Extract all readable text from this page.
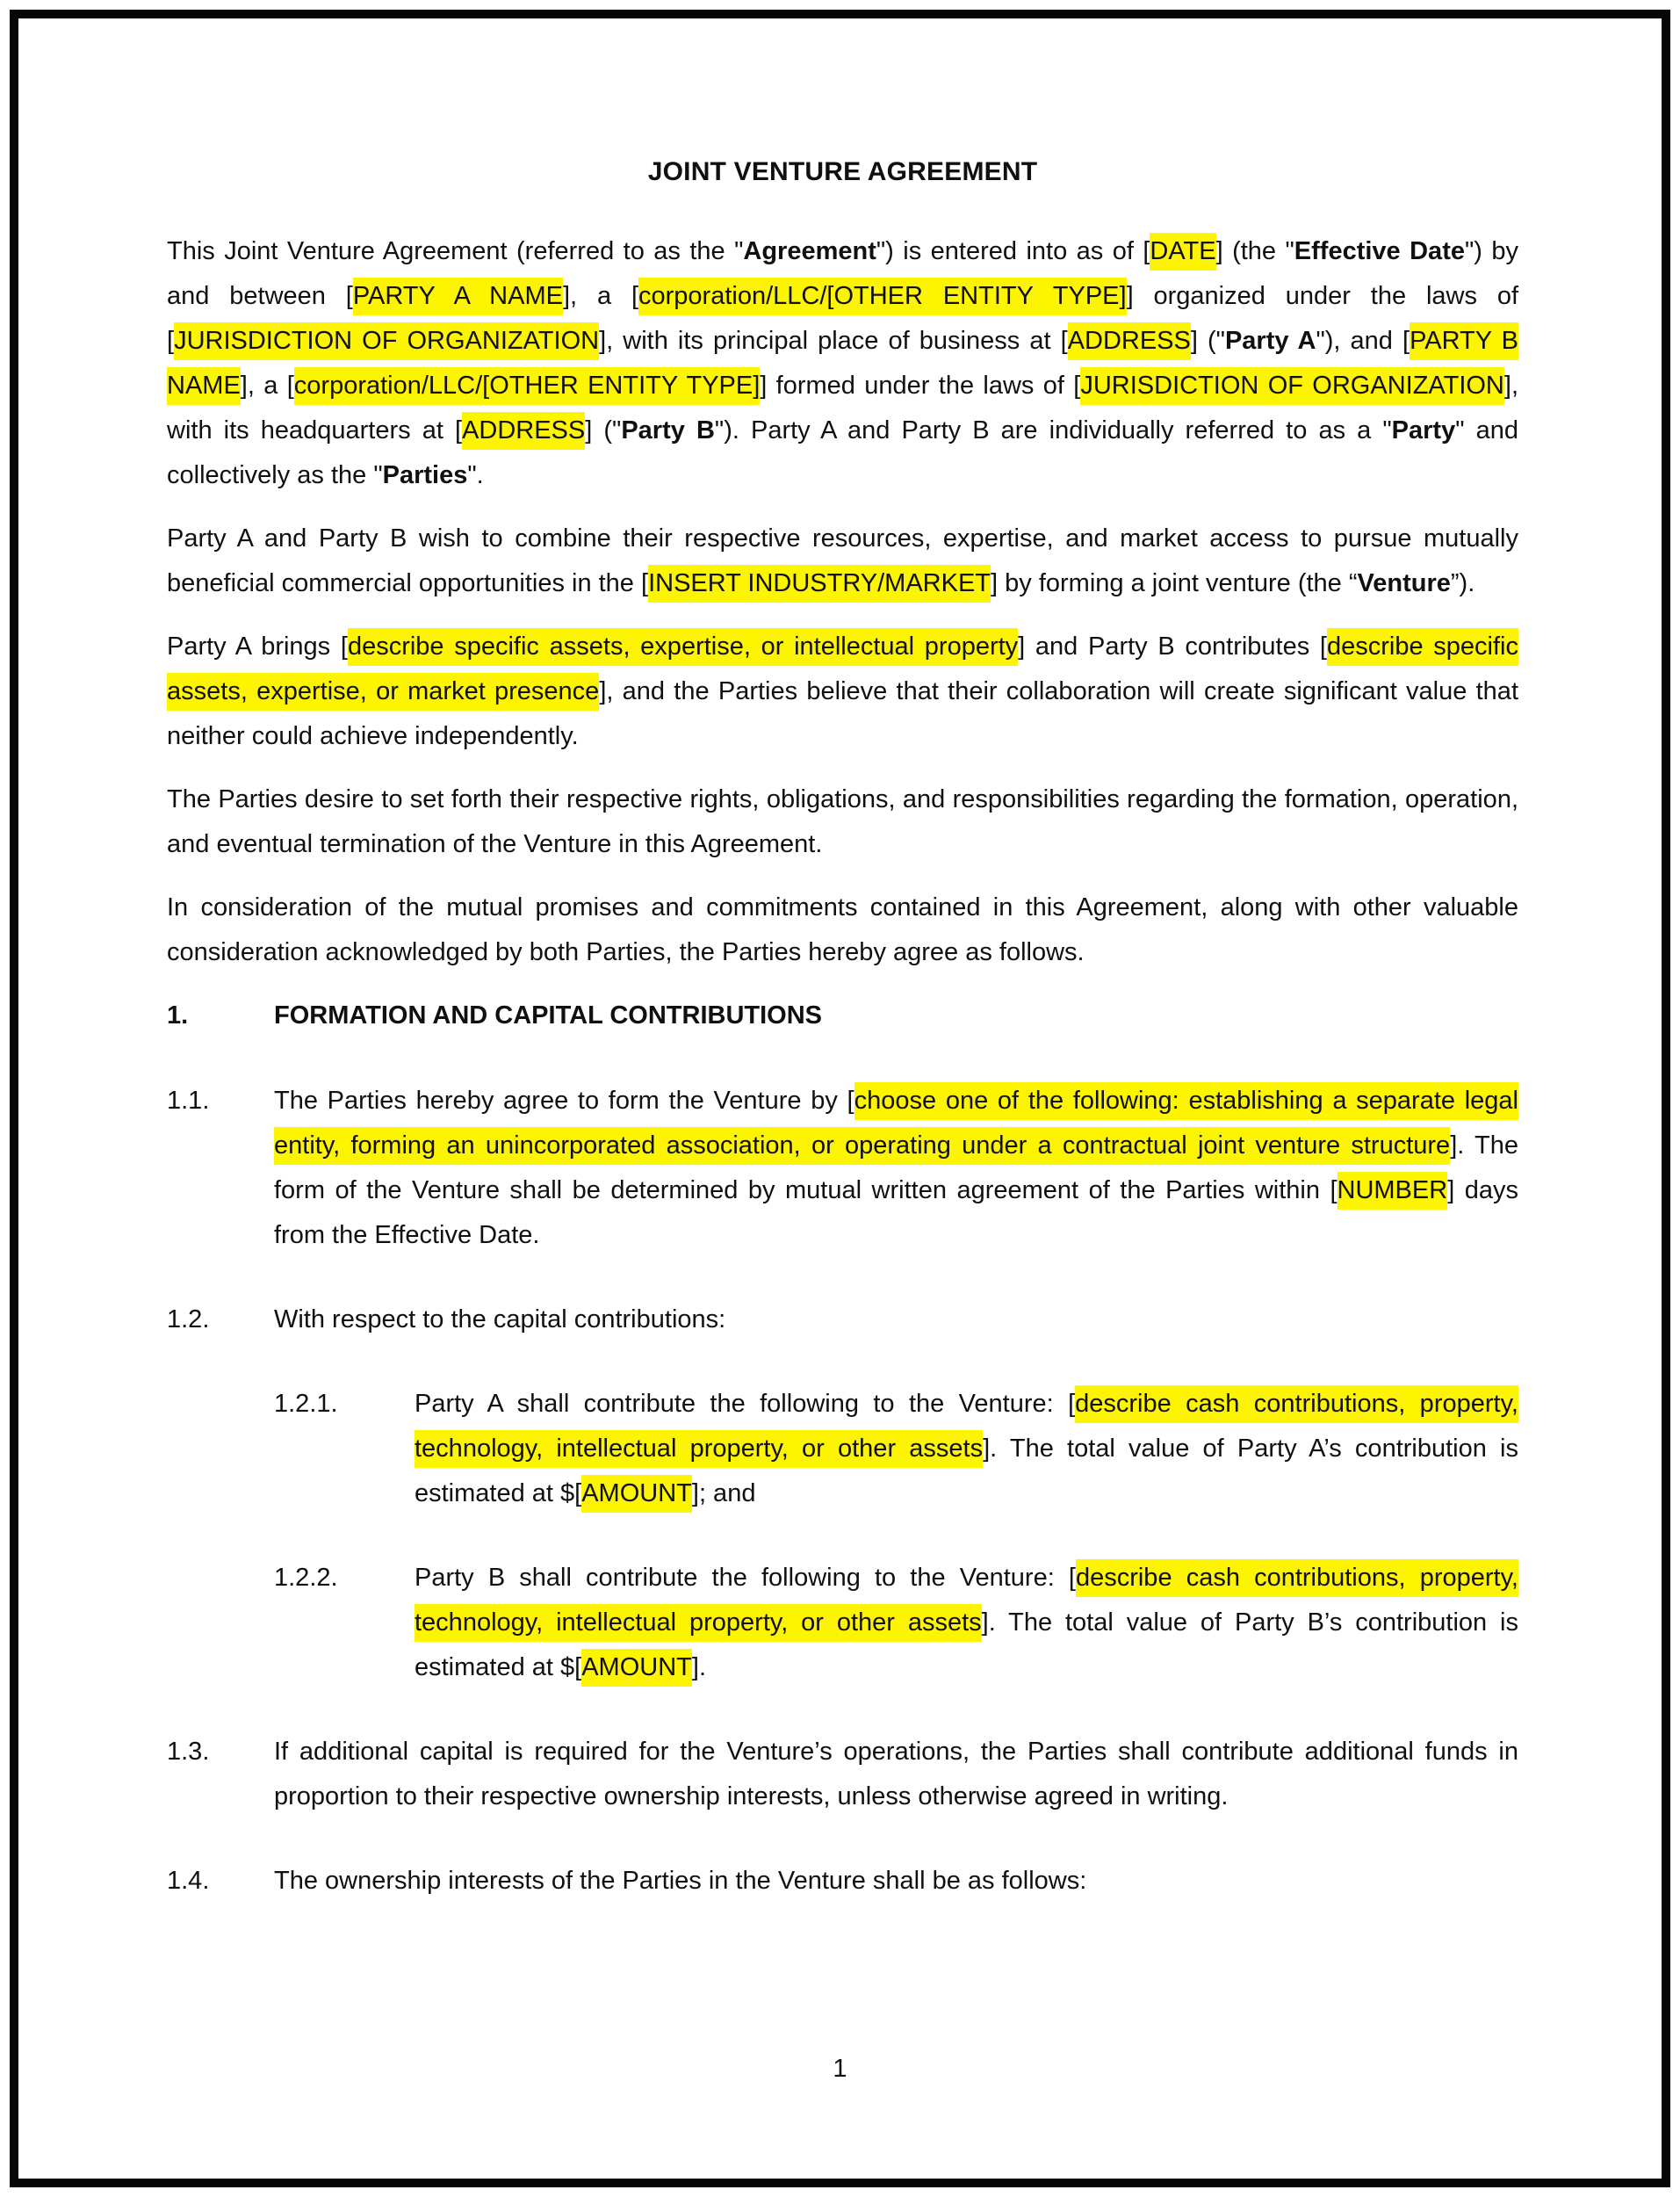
JOINT VENTURE AGREEMENT
This Joint Venture Agreement (referred to as the "Agreement") is entered into as of [DATE] (the "Effective Date") by and between [PARTY A NAME], a [corporation/LLC/[OTHER ENTITY TYPE]] organized under the laws of [JURISDICTION OF ORGANIZATION], with its principal place of business at [ADDRESS] ("Party A"), and [PARTY B NAME], a [corporation/LLC/[OTHER ENTITY TYPE]] formed under the laws of [JURISDICTION OF ORGANIZATION], with its headquarters at [ADDRESS] ("Party B"). Party A and Party B are individually referred to as a "Party" and collectively as the "Parties".
Party A and Party B wish to combine their respective resources, expertise, and market access to pursue mutually beneficial commercial opportunities in the [INSERT INDUSTRY/MARKET] by forming a joint venture (the “Venture”).
Party A brings [describe specific assets, expertise, or intellectual property] and Party B contributes [describe specific assets, expertise, or market presence], and the Parties believe that their collaboration will create significant value that neither could achieve independently.
The Parties desire to set forth their respective rights, obligations, and responsibilities regarding the formation, operation, and eventual termination of the Venture in this Agreement.
In consideration of the mutual promises and commitments contained in this Agreement, along with other valuable consideration acknowledged by both Parties, the Parties hereby agree as follows.
1.	FORMATION AND CAPITAL CONTRIBUTIONS
1.1.	The Parties hereby agree to form the Venture by [choose one of the following: establishing a separate legal entity, forming an unincorporated association, or operating under a contractual joint venture structure]. The form of the Venture shall be determined by mutual written agreement of the Parties within [NUMBER] days from the Effective Date.
1.2.	With respect to the capital contributions:
1.2.1.	Party A shall contribute the following to the Venture: [describe cash contributions, property, technology, intellectual property, or other assets]. The total value of Party A’s contribution is estimated at $[AMOUNT]; and
1.2.2.	Party B shall contribute the following to the Venture: [describe cash contributions, property, technology, intellectual property, or other assets]. The total value of Party B’s contribution is estimated at $[AMOUNT].
1.3.	If additional capital is required for the Venture’s operations, the Parties shall contribute additional funds in proportion to their respective ownership interests, unless otherwise agreed in writing.
1.4.	The ownership interests of the Parties in the Venture shall be as follows:
1
